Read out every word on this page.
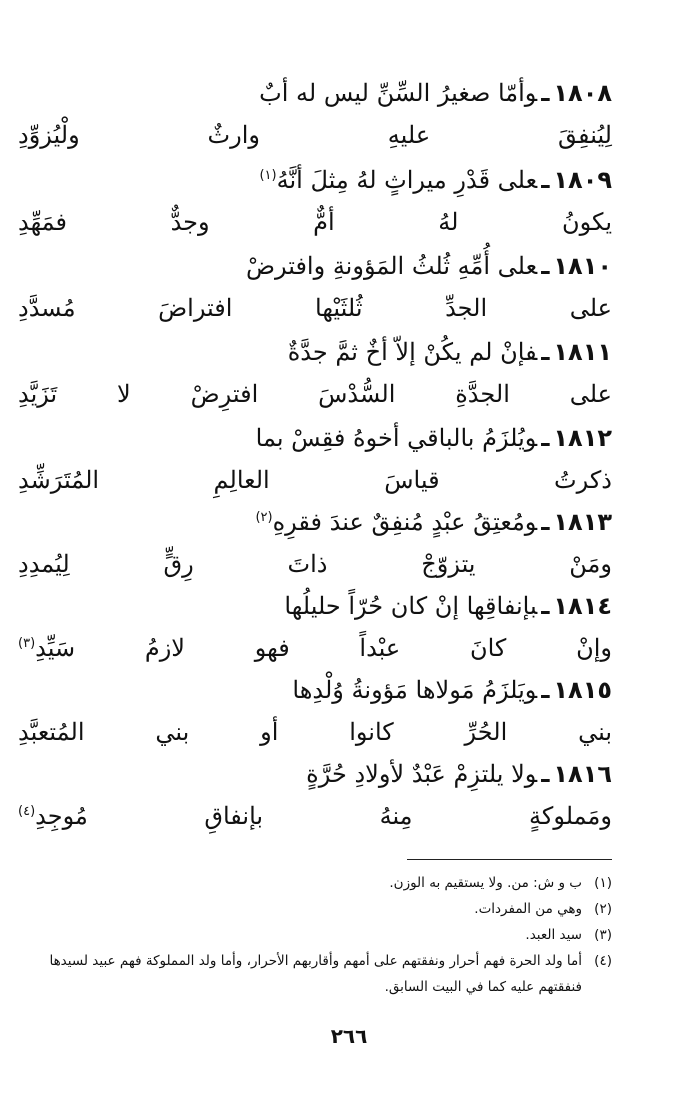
١٨٠٨ـوأمّا صغيرُ السِّنِّ ليس له أبٌ
لِيُنفِقَ عليهِ وارثٌ ولْيُزوِّدِ
١٨٠٩ـعلى قَدْرِ ميراثٍ لهُ مِثلَ أنَّهُ$^{(١)}$
يكونُ لهُ أمٌّ وجدٌّ فمَهِّدِ
١٨١٠ـعلى أُمِّهِ ثُلثُ المَؤونةِ وافترضْ
على الجدِّ ثُلثَيْها افتراضَ مُسدَّدِ
١٨١١ـفإنْ لم يكُنْ إلاّ أخٌ ثمَّ جدَّةٌ
على الجدَّةِ السُّدْسَ افترِضْ لا تَزَيَّدِ
١٨١٢ـويُلزَمُ بالباقي أخوهُ فقِسْ بما
ذكرتُ قياسَ العالِمِ المُتَرَشِّدِ
١٨١٣ـومُعتِقُ عبْدٍ مُنفِقٌ عندَ فقرِهِ$^{(٢)}$
ومَنْ يتزوّجْ ذاتَ رِقٍّ لِيُمدِدِ
١٨١٤ـبإنفاقِها إنْ كان حُرّاً حليلُها
وإنْ كانَ عبْداً فهو لازمُ سَيِّدِ$^{(٣)}$
١٨١٥ـويَلزَمُ مَولاها مَؤونةُ وُلْدِها
بني الحُرِّ كانوا أو بني المُتعبَّدِ
١٨١٦ـولا يلتزِمْ عَبْدٌ لأولادِ حُرَّةٍ
ومَملوكةٍ مِنهُ بإنفاقِ مُوجِدِ$^{(٤)}$
(١)
ب و ش: من. ولا يستقيم به الوزن.
(٢)
وهي من المفردات.
(٣)
سيد العبد.
(٤)
أما ولد الحرة فهم أحرار ونفقتهم على أمهم وأقاربهم الأحرار، وأما ولد المملوكة فهم عبيد لسيدها فنفقتهم عليه كما في البيت السابق.
٢٦٦
